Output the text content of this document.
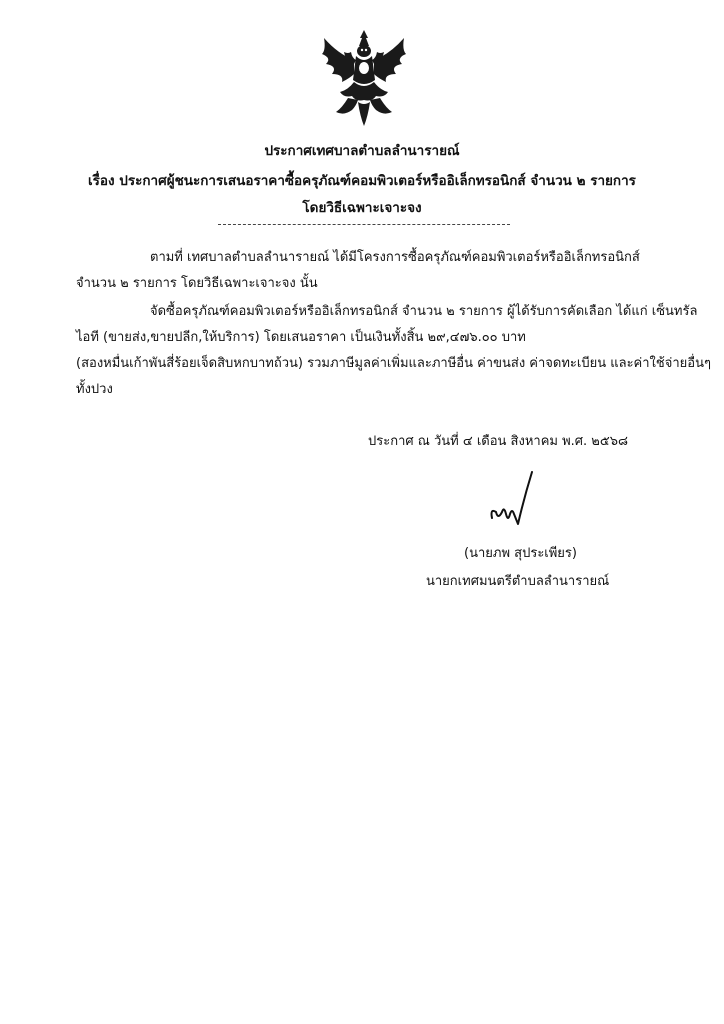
ประกาศเทศบาลตำบลลำนารายณ์
เรื่อง ประกาศผู้ชนะการเสนอราคาซื้อครุภัณฑ์คอมพิวเตอร์หรืออิเล็กทรอนิกส์ จำนวน ๒ รายการ
โดยวิธีเฉพาะเจาะจง
ตามที่ เทศบาลตำบลลำนารายณ์ ได้มีโครงการซื้อครุภัณฑ์คอมพิวเตอร์หรืออิเล็กทรอนิกส์
จำนวน ๒ รายการ โดยวิธีเฉพาะเจาะจง นั้น
จัดซื้อครุภัณฑ์คอมพิวเตอร์หรืออิเล็กทรอนิกส์ จำนวน ๒ รายการ ผู้ได้รับการคัดเลือก ได้แก่ เซ็นทรัล
ไอที (ขายส่ง,ขายปลีก,ให้บริการ) โดยเสนอราคา เป็นเงินทั้งสิ้น ๒๙,๔๗๖.๐๐ บาท
(สองหมื่นเก้าพันสี่ร้อยเจ็ดสิบหกบาทถ้วน) รวมภาษีมูลค่าเพิ่มและภาษีอื่น ค่าขนส่ง ค่าจดทะเบียน และค่าใช้จ่ายอื่นๆ
ทั้งปวง
ประกาศ ณ วันที่ ๔ เดือน สิงหาคม พ.ศ. ๒๕๖๘
(นายภพ สุประเพียร)
นายกเทศมนตรีตำบลลำนารายณ์
